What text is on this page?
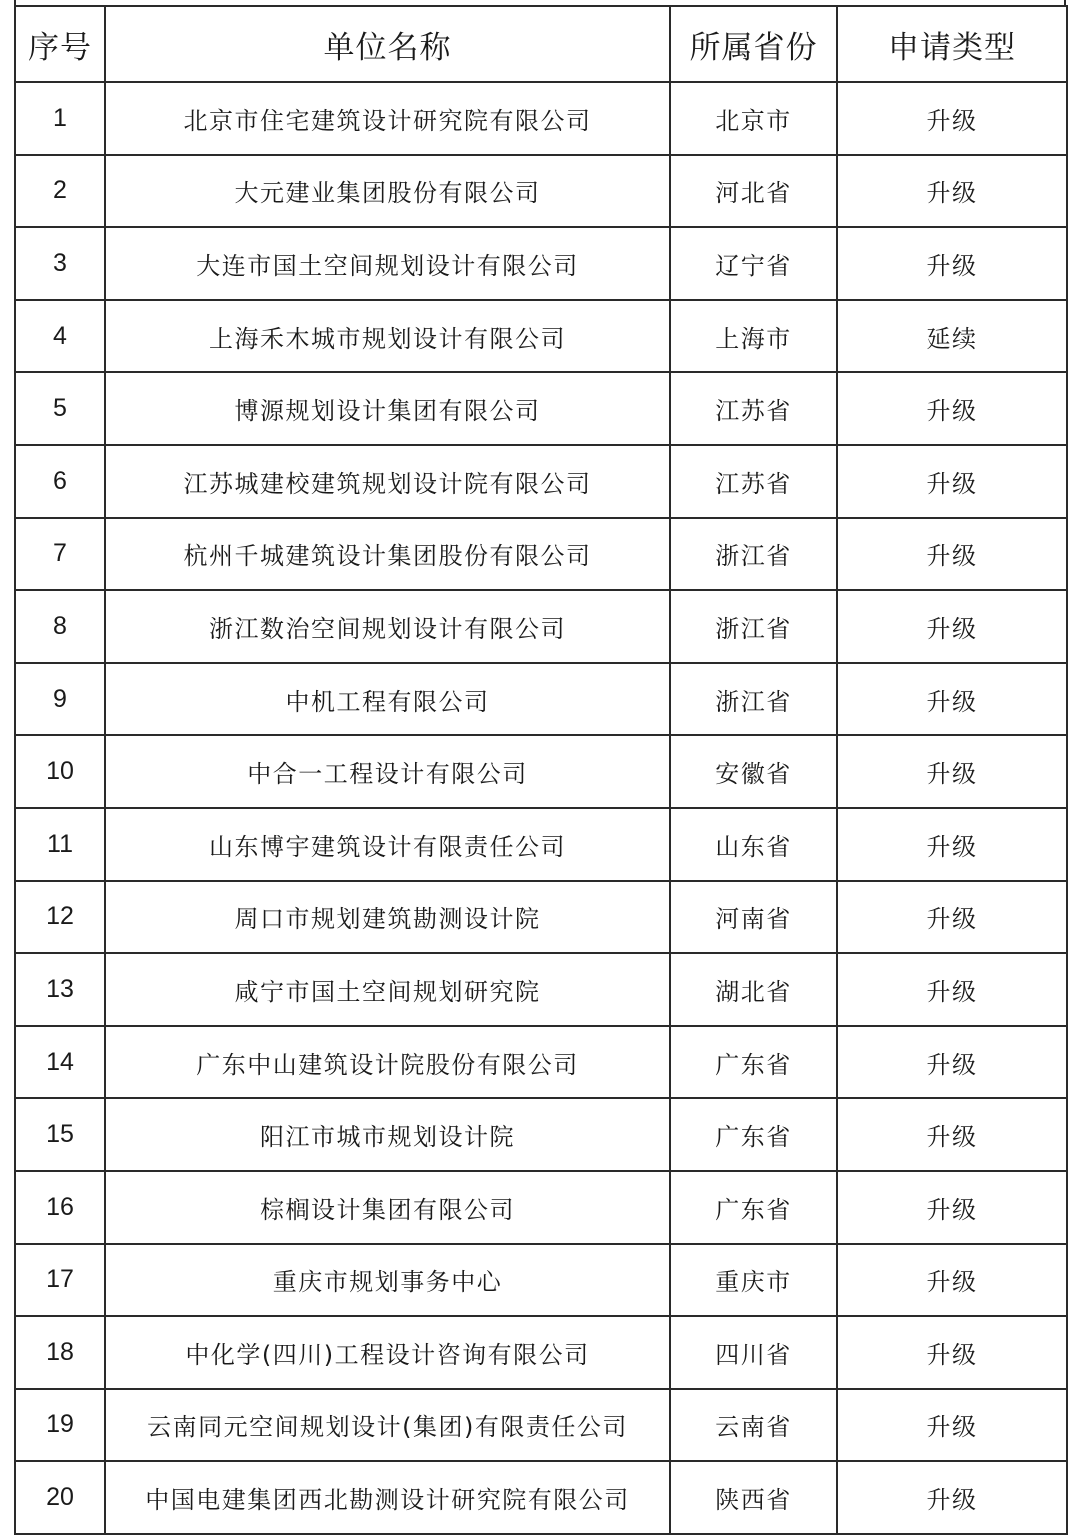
序号	单位名称	所属省份	申请类型
1	北京市住宅建筑设计研究院有限公司	北京市	升级
2	大元建业集团股份有限公司	河北省	升级
3	大连市国土空间规划设计有限公司	辽宁省	升级
4	上海禾木城市规划设计有限公司	上海市	延续
5	博源规划设计集团有限公司	江苏省	升级
6	江苏城建校建筑规划设计院有限公司	江苏省	升级
7	杭州千城建筑设计集团股份有限公司	浙江省	升级
8	浙江数治空间规划设计有限公司	浙江省	升级
9	中机工程有限公司	浙江省	升级
10	中合一工程设计有限公司	安徽省	升级
11	山东博宇建筑设计有限责任公司	山东省	升级
12	周口市规划建筑勘测设计院	河南省	升级
13	咸宁市国土空间规划研究院	湖北省	升级
14	广东中山建筑设计院股份有限公司	广东省	升级
15	阳江市城市规划设计院	广东省	升级
16	棕榈设计集团有限公司	广东省	升级
17	重庆市规划事务中心	重庆市	升级
18	中化学(四川)工程设计咨询有限公司	四川省	升级
19	云南同元空间规划设计(集团)有限责任公司	云南省	升级
20	中国电建集团西北勘测设计研究院有限公司	陕西省	升级
